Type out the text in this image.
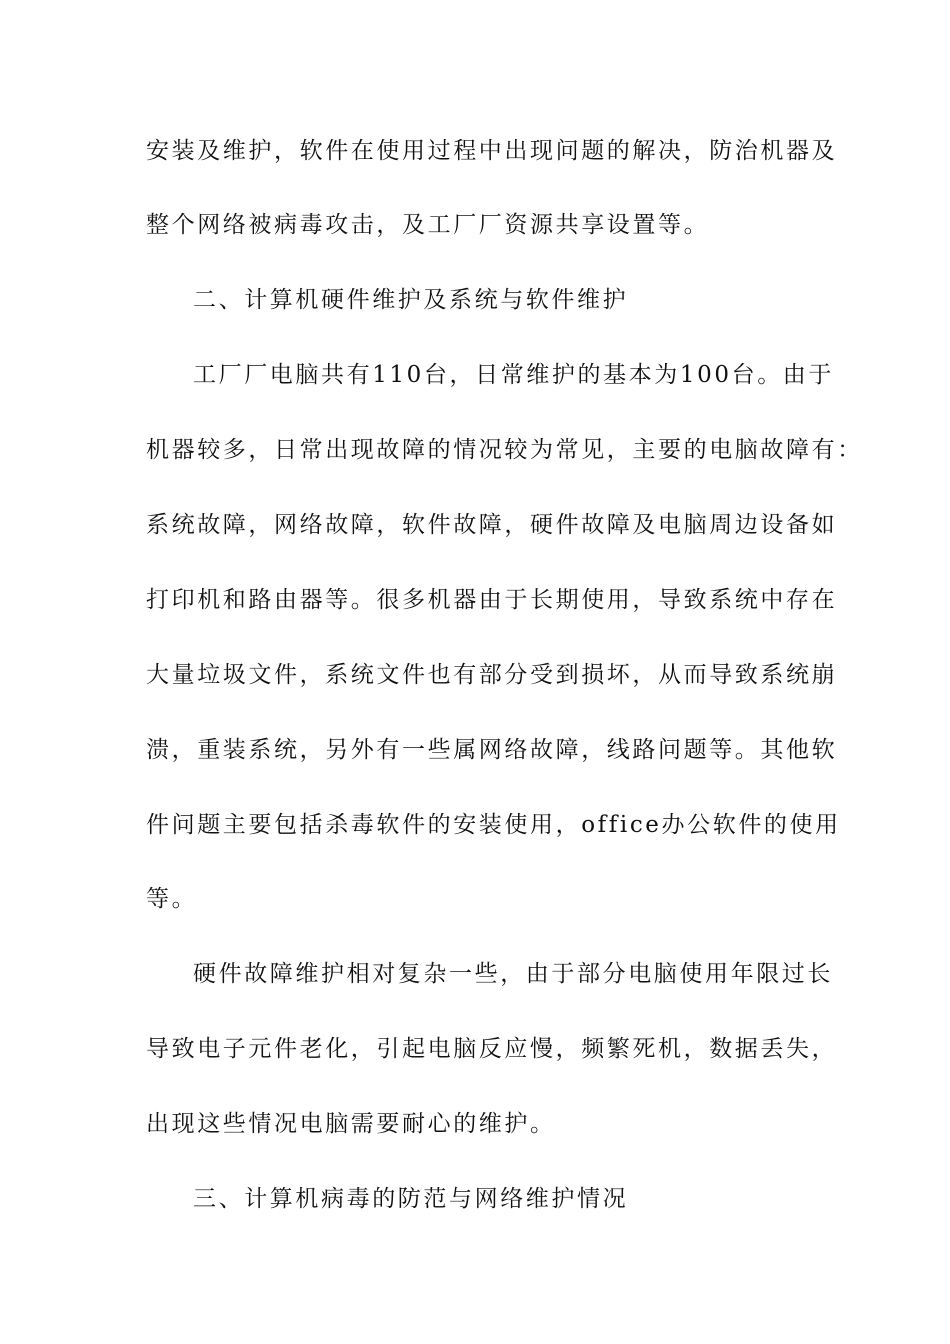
安装及维护，软件在使用过程中出现问题的解决，防治机器及
整个网络被病毒攻击，及工厂厂资源共享设置等。
二、计算机硬件维护及系统与软件维护
工厂厂电脑共有110台，日常维护的基本为100台。由于
机器较多，日常出现故障的情况较为常见，主要的电脑故障有：
系统故障，网络故障，软件故障，硬件故障及电脑周边设备如
打印机和路由器等。很多机器由于长期使用，导致系统中存在
大量垃圾文件，系统文件也有部分受到损坏，从而导致系统崩
溃，重装系统，另外有一些属网络故障，线路问题等。其他软
件问题主要包括杀毒软件的安装使用，office办公软件的使用
等。
硬件故障维护相对复杂一些，由于部分电脑使用年限过长
导致电子元件老化，引起电脑反应慢，频繁死机，数据丢失，
出现这些情况电脑需要耐心的维护。
三、计算机病毒的防范与网络维护情况
